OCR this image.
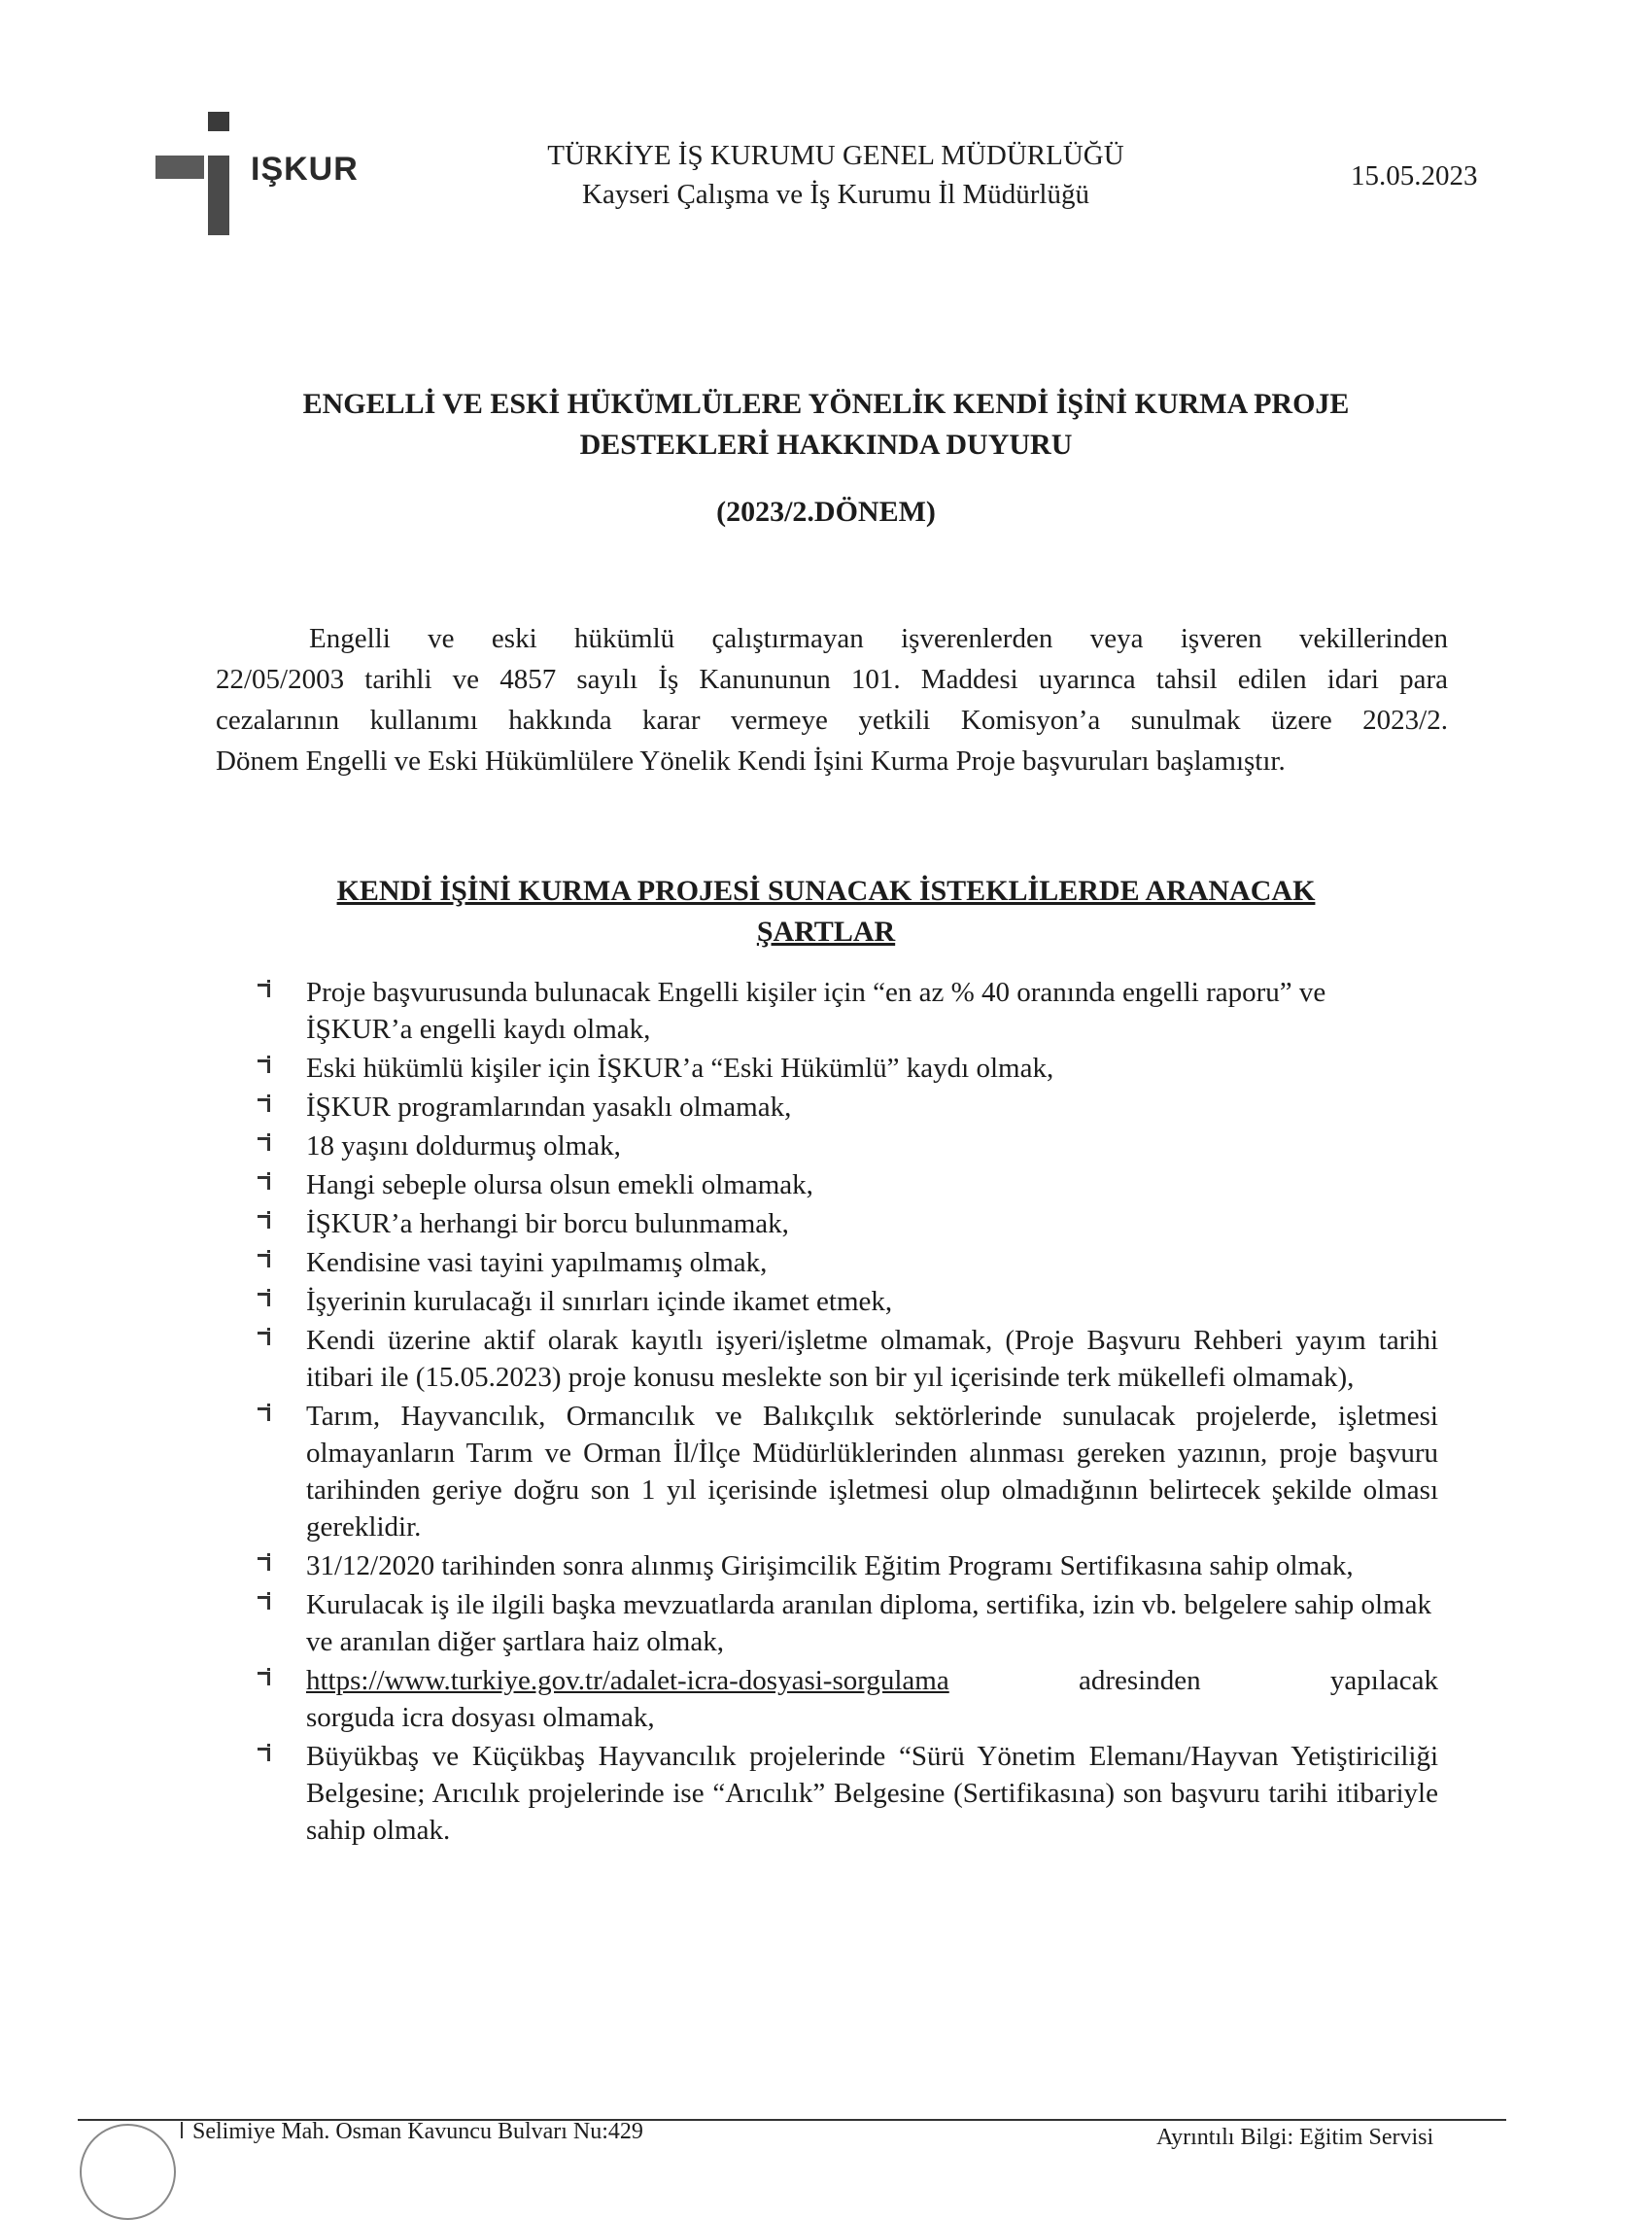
IŞKUR	TÜRKİYE İŞ KURUMU GENEL MÜDÜRLÜĞÜ
Kayseri Çalışma ve İş Kurumu İl Müdürlüğü
15.05.2023
ENGELLİ VE ESKİ HÜKÜMLÜLERE YÖNELİK KENDİ İŞİNİ KURMA PROJE
DESTEKLERİ HAKKINDA DUYURU
(2023/2.DÖNEM)
Engelli ve eski hükümlü çalıştırmayan işverenlerden veya işveren vekillerinden
22/05/2003 tarihli ve 4857 sayılı İş Kanununun 101. Maddesi uyarınca tahsil edilen idari para
cezalarının kullanımı hakkında karar vermeye yetkili Komisyon’a sunulmak üzere 2023/2.
Dönem Engelli ve Eski Hükümlülere Yönelik Kendi İşini Kurma Proje başvuruları başlamıştır.
KENDİ İŞİNİ KURMA PROJESİ SUNACAK İSTEKLİLERDE ARANACAK
ŞARTLAR
Proje başvurusunda bulunacak Engelli kişiler için “en az % 40 oranında engelli raporu” ve İŞKUR’a engelli kaydı olmak,
Eski hükümlü kişiler için İŞKUR’a “Eski Hükümlü” kaydı olmak,
İŞKUR programlarından yasaklı olmamak,
18 yaşını doldurmuş olmak,
Hangi sebeple olursa olsun emekli olmamak,
İŞKUR’a herhangi bir borcu bulunmamak,
Kendisine vasi tayini yapılmamış olmak,
İşyerinin kurulacağı il sınırları içinde ikamet etmek,
Kendi üzerine aktif olarak kayıtlı işyeri/işletme olmamak, (Proje Başvuru Rehberi yayım tarihi itibari ile (15.05.2023) proje konusu meslekte son bir yıl içerisinde terk mükellefi olmamak),
Tarım, Hayvancılık, Ormancılık ve Balıkçılık sektörlerinde sunulacak projelerde, işletmesi olmayanların Tarım ve Orman İl/İlçe Müdürlüklerinden alınması gereken yazının, proje başvuru tarihinden geriye doğru son 1 yıl içerisinde işletmesi olup olmadığının belirtecek şekilde olması gereklidir.
31/12/2020 tarihinden sonra alınmış Girişimcilik Eğitim Programı Sertifikasına sahip olmak,
Kurulacak iş ile ilgili başka mevzuatlarda aranılan diploma, sertifika, izin vb. belgelere sahip olmak ve aranılan diğer şartlara haiz olmak,
https://www.turkiye.gov.tr/adalet-icra-dosyasi-sorgulama	adresinden	yapılacak
sorguda icra dosyası olmamak,
Büyükbaş ve Küçükbaş Hayvancılık projelerinde “Sürü Yönetim Elemanı/Hayvan Yetiştiriciliği Belgesine; Arıcılık projelerinde ise “Arıcılık” Belgesine (Sertifikasına) son başvuru tarihi itibariyle sahip olmak.
Selimiye Mah. Osman Kavuncu Bulvarı Nu:429	Ayrıntılı Bilgi: Eğitim Servisi
